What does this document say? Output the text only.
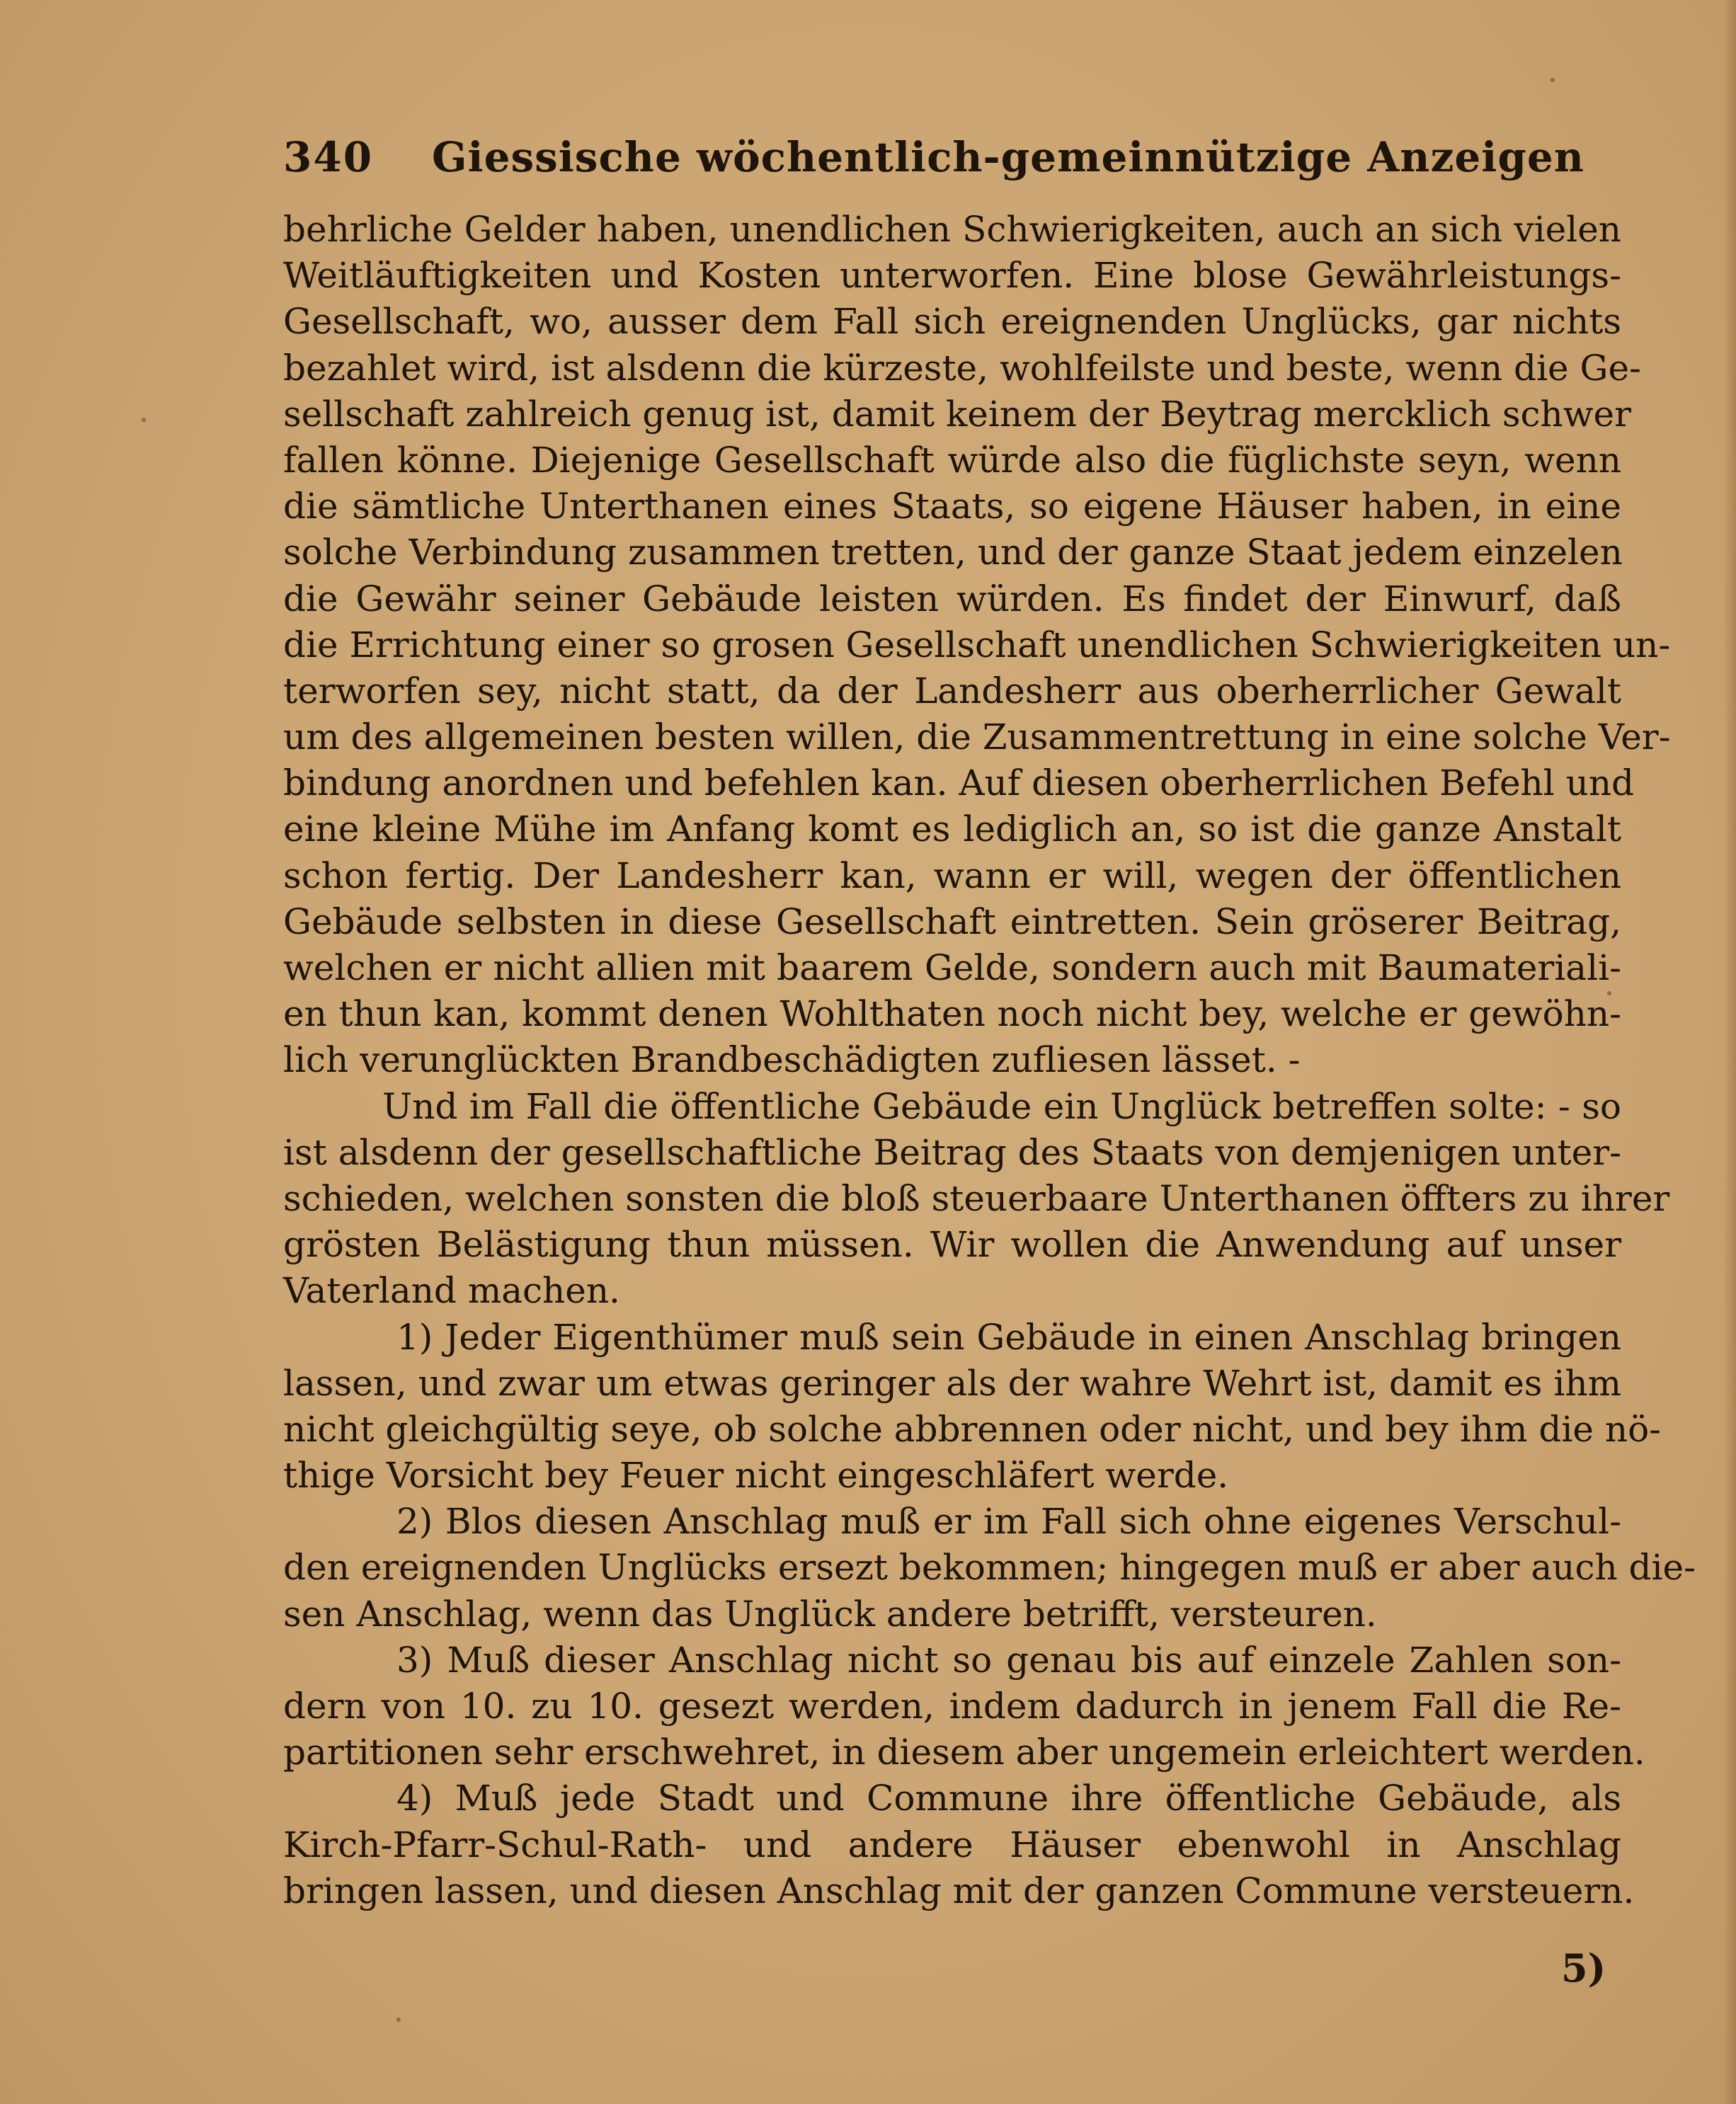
340 Giessische wöchentlich-gemeinnützige Anzeigen
behrliche Gelder haben, unendlichen Schwierigkeiten, auch an sich vielen
Weitläuftigkeiten und Kosten unterworfen. Eine blose Gewährleistungs-
Gesellschaft, wo, ausser dem Fall sich ereignenden Unglücks, gar nichts
bezahlet wird, ist alsdenn die kürzeste, wohlfeilste und beste, wenn die Ge-
sellschaft zahlreich genug ist, damit keinem der Beytrag mercklich schwer
fallen könne. Diejenige Gesellschaft würde also die füglichste seyn, wenn
die sämtliche Unterthanen eines Staats, so eigene Häuser haben, in eine
solche Verbindung zusammen tretten, und der ganze Staat jedem einzelen
die Gewähr seiner Gebäude leisten würden. Es findet der Einwurf, daß
die Errichtung einer so grosen Gesellschaft unendlichen Schwierigkeiten un-
terworfen sey, nicht statt, da der Landesherr aus oberherrlicher Gewalt
um des allgemeinen besten willen, die Zusammentrettung in eine solche Ver-
bindung anordnen und befehlen kan. Auf diesen oberherrlichen Befehl und
eine kleine Mühe im Anfang komt es lediglich an, so ist die ganze Anstalt
schon fertig. Der Landesherr kan, wann er will, wegen der öffentlichen
Gebäude selbsten in diese Gesellschaft eintretten. Sein gröserer Beitrag,
welchen er nicht allien mit baarem Gelde, sondern auch mit Baumateriali-
en thun kan, kommt denen Wohlthaten noch nicht bey, welche er gewöhn-
lich verunglückten Brandbeschädigten zufliesen lässet. -
Und im Fall die öffentliche Gebäude ein Unglück betreffen solte: - so
ist alsdenn der gesellschaftliche Beitrag des Staats von demjenigen unter-
schieden, welchen sonsten die bloß steuerbaare Unterthanen öffters zu ihrer
grösten Belästigung thun müssen. Wir wollen die Anwendung auf unser
Vaterland machen.
1) Jeder Eigenthümer muß sein Gebäude in einen Anschlag bringen
lassen, und zwar um etwas geringer als der wahre Wehrt ist, damit es ihm
nicht gleichgültig seye, ob solche abbrennen oder nicht, und bey ihm die nö-
thige Vorsicht bey Feuer nicht eingeschläfert werde.
2) Blos diesen Anschlag muß er im Fall sich ohne eigenes Verschul-
den ereignenden Unglücks ersezt bekommen; hingegen muß er aber auch die-
sen Anschlag, wenn das Unglück andere betrifft, versteuren.
3) Muß dieser Anschlag nicht so genau bis auf einzele Zahlen son-
dern von 10. zu 10. gesezt werden, indem dadurch in jenem Fall die Re-
partitionen sehr erschwehret, in diesem aber ungemein erleichtert werden.
4) Muß jede Stadt und Commune ihre öffentliche Gebäude, als
Kirch-Pfarr-Schul-Rath- und andere Häuser ebenwohl in Anschlag
bringen lassen, und diesen Anschlag mit der ganzen Commune versteuern.
5)
